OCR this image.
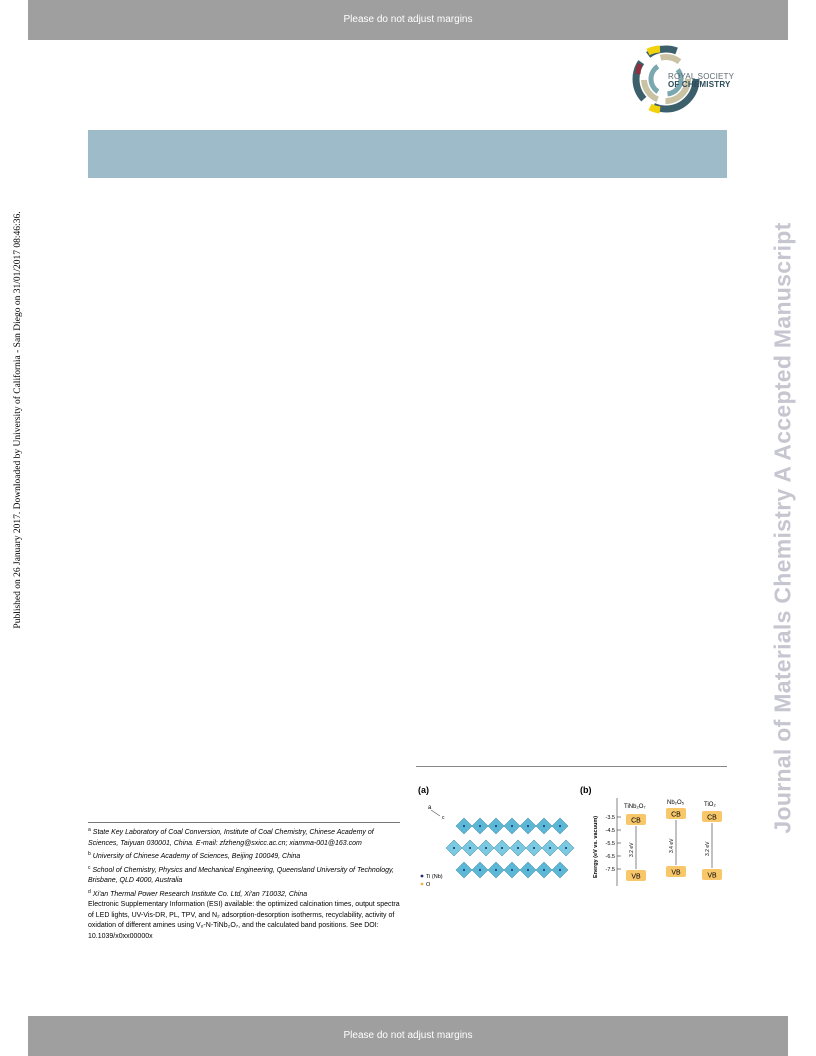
Please do not adjust margins
ROYAL SOCIETY
OF CHEMISTRY
Published on 26 January 2017. Downloaded by University of California - San Diego on 31/01/2017 08:46:36.	Journal of Materials Chemistry A Accepted Manuscript
(a)
a
c
Ti (Nb)
O
(b)
Energy (eV vs. vacuum) -3.5
-4.5
-5.5
-6.5
-7.5
TiNb₂O₇
CB
3.2 eV
VB
Nb₂O₅
CB
3.4 eV
VB
TiO₂
CB
3.2 eV
VB

$^a$ State Key Laboratory of Coal Conversion, Institute of Coal Chemistry, Chinese Academy of Sciences, Taiyuan 030001, China. E-mail: zfzheng@sxicc.ac.cn; xiamma-001@163.com

$^b$ University of Chinese Academy of Sciences, Beijing 100049, China

$^c$ School of Chemistry, Physics and Mechanical Engineering, Queensland University of Technology, Brisbane, QLD 4000, Australia

$^d$ Xi'an Thermal Power Research Institute Co. Ltd, Xi'an 710032, China

Electronic Supplementary Information (ESI) available: the optimized calcination times, output spectra of LED lights, UV-Vis-DR, PL, TPV, and N₂ adsorption-desorption isotherms, recyclability, activity of oxidation of different amines using Vₒ-N-TiNb₂O₇, and the calculated band positions. See DOI: 10.1039/x0xx00000x

Please do not adjust margins
